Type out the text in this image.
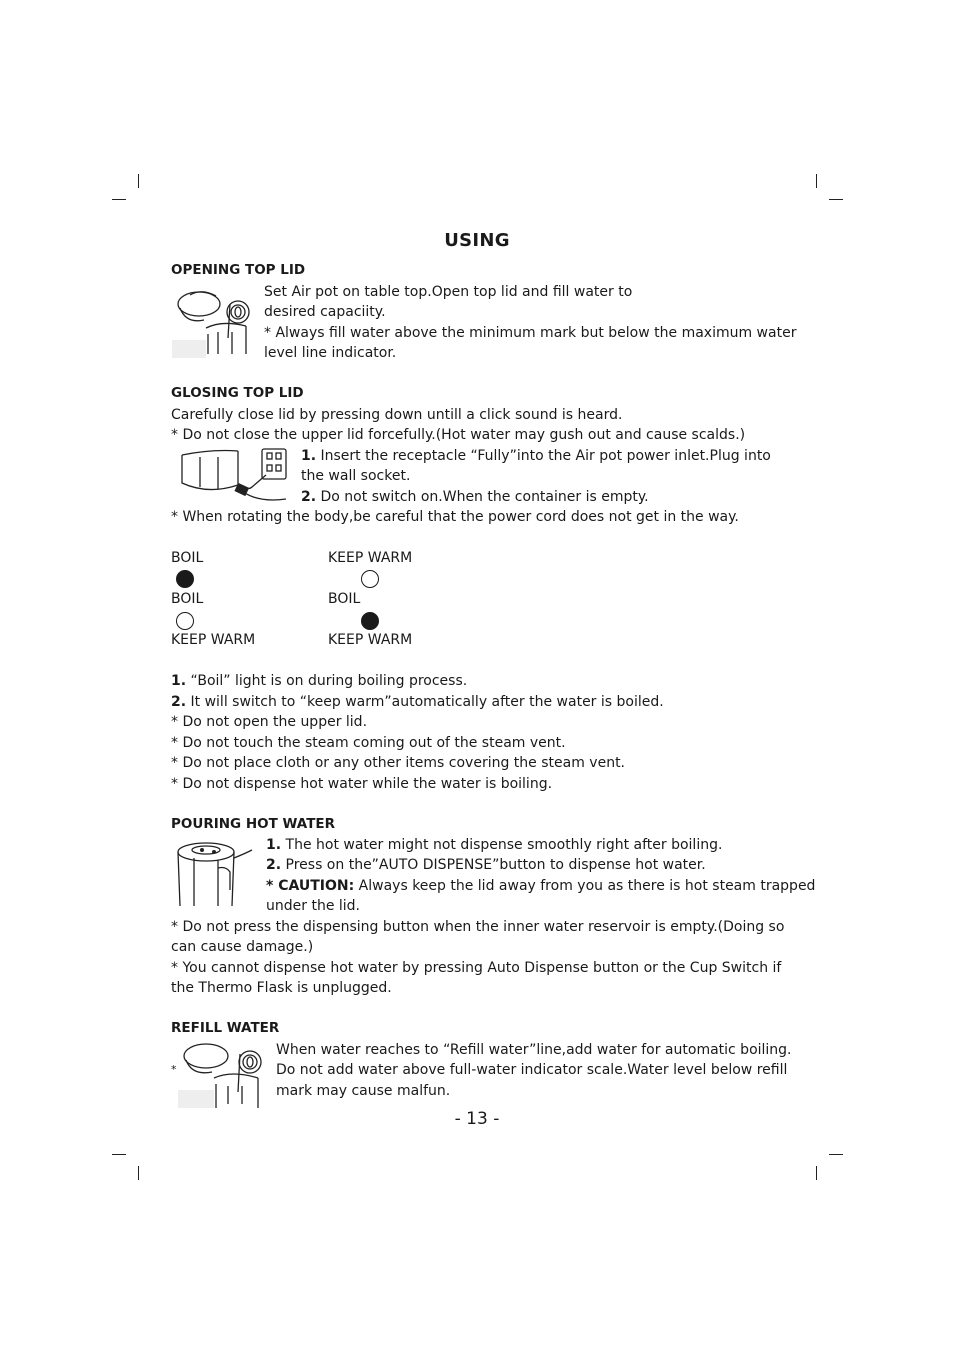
USING
OPENING TOP LID
Set Air pot on table top.Open top lid and fill water to
desired capaciity.
* Always fill water above the minimum mark but below the maximum water
level line indicator.
GLOSING TOP LID
Carefully close lid by pressing down untill a click sound is heard.
* Do not close the upper lid forcefully.(Hot water may gush out and cause scalds.)
1. Insert the receptacle “Fully”into the Air pot power inlet.Plug into
the wall socket.
2. Do not switch on.When the container is empty.
* When rotating the body,be careful that the power cord does not get in the way.
BOIL	KEEP WARM
BOIL	BOIL
KEEP WARM	KEEP WARM
1. “Boil” light is on during boiling process.
2. It will switch to “keep warm”automatically after the water is boiled.
* Do not open the upper lid.
* Do not touch the steam coming out of the steam vent.
* Do not place cloth or any other items covering the steam vent.
* Do not dispense hot water while the water is boiling.
POURING HOT WATER
1. The hot water might not dispense smoothly right after boiling.
2. Press on the”AUTO DISPENSE”button to dispense hot water.
* CAUTION: Always keep the lid away from you as there is hot steam trapped
under the lid.
* Do not press the dispensing button when the inner water reservoir is empty.(Doing so
can cause damage.)
* You cannot dispense hot water by pressing Auto Dispense button or the Cup Switch if
the Thermo Flask is unplugged.
REFILL WATER
*
When water reaches to “Refill water”line,add water for automatic boiling.
Do not add water above full-water indicator scale.Water level below refill
mark may cause malfun.
- 13 -
